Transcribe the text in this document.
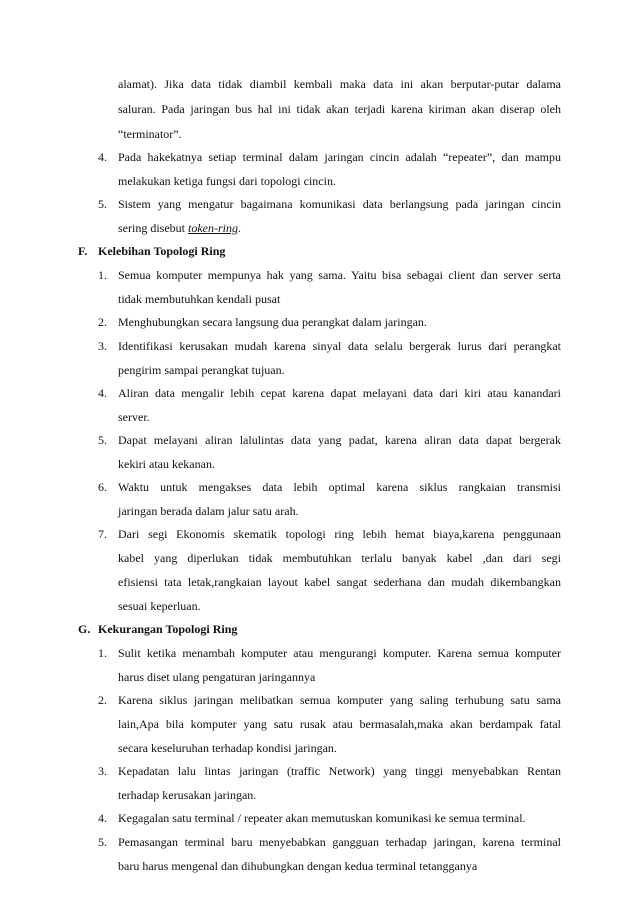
alamat). Jika data tidak diambil kembali maka data ini akan berputar-putar dalama
saluran. Pada jaringan bus hal ini tidak akan terjadi karena kiriman akan diserap oleh
“terminator”.
4. Pada hakekatnya setiap terminal dalam jaringan cincin adalah “repeater”, dan mampu
melakukan ketiga fungsi dari topologi cincin.
5. Sistem yang mengatur bagaimana komunikasi data berlangsung pada jaringan cincin
sering disebut token-ring.
F. Kelebihan Topologi Ring
1. Semua komputer mempunya hak yang sama. Yaitu bisa sebagai client dan server serta
tidak membutuhkan kendali pusat
2. Menghubungkan secara langsung dua perangkat dalam jaringan.
3. Identifikasi kerusakan mudah karena sinyal data selalu bergerak lurus dari perangkat
pengirim sampai perangkat tujuan.
4. Aliran data mengalir lebih cepat karena dapat melayani data dari kiri atau kanandari
server.
5. Dapat melayani aliran lalulintas data yang padat, karena aliran data dapat bergerak
kekiri atau kekanan.
6. Waktu untuk mengakses data lebih optimal karena siklus rangkaian transmisi
jaringan berada dalam jalur satu arah.
7. Dari segi Ekonomis skematik topologi ring lebih hemat biaya,karena penggunaan
kabel yang diperlukan tidak membutuhkan terlalu banyak kabel ,dan dari segi
efisiensi tata letak,rangkaian layout kabel sangat sederhana dan mudah dikembangkan
sesuai keperluan.
G. Kekurangan Topologi Ring
1. Sulit ketika menambah komputer atau mengurangi komputer. Karena semua komputer
harus diset ulang pengaturan jaringannya
2. Karena siklus jaringan melibatkan semua komputer yang saling terhubung satu sama
lain,Apa bila komputer yang satu rusak atau bermasalah,maka akan berdampak fatal
secara keseluruhan terhadap kondisi jaringan.
3. Kepadatan lalu lintas jaringan (traffic Network) yang tinggi menyebabkan Rentan
terhadap kerusakan jaringan.
4. Kegagalan satu terminal / repeater akan memutuskan komunikasi ke semua terminal.
5. Pemasangan terminal baru menyebabkan gangguan terhadap jaringan, karena terminal
baru harus mengenal dan dihubungkan dengan kedua terminal tetangganya
